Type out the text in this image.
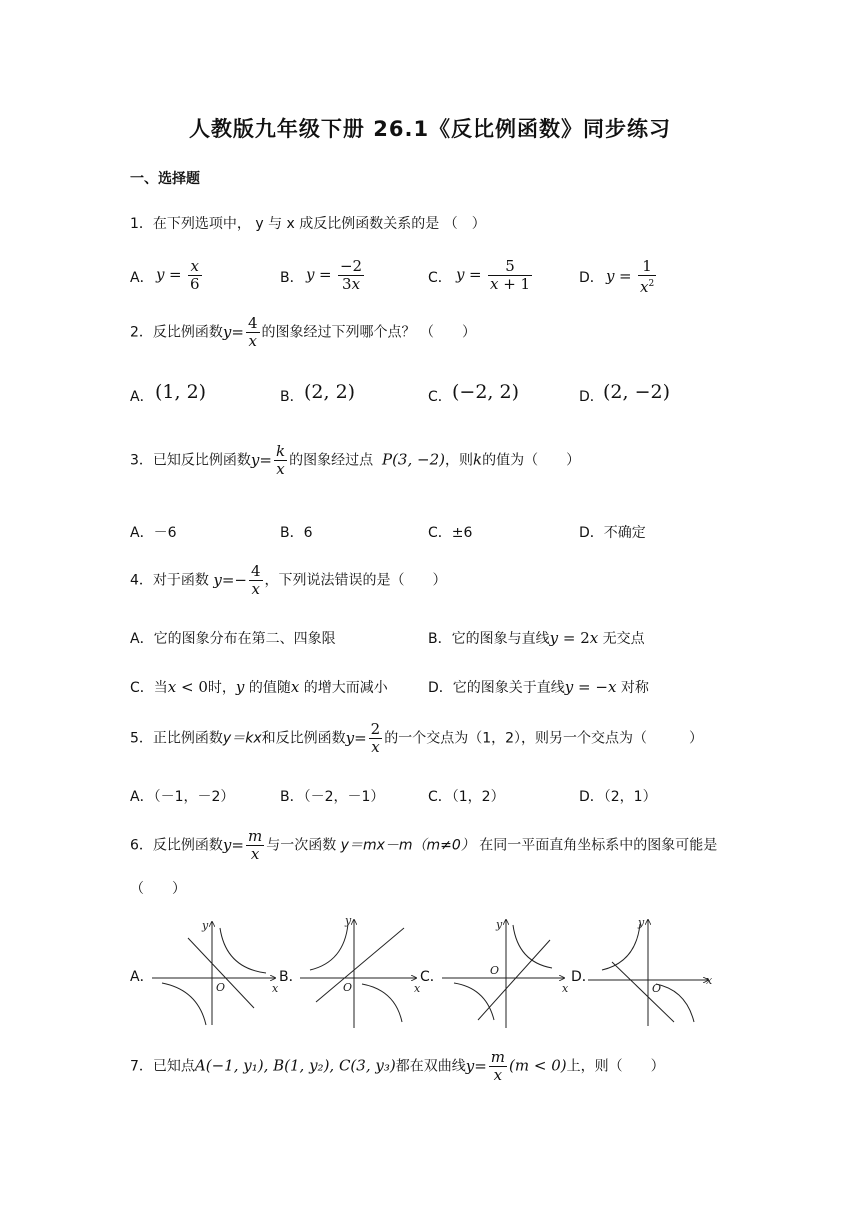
人教版九年级下册 26.1《反比例函数》同步练习
一、选择题
1．在下列选项中， y 与 x 成反比例函数关系的是 （　）
A． $y = \frac{x}{6}$	B． $y = \frac{-2}{3x}$	C． $y = \frac{5}{x + 1}$	D． $y = \frac{1}{x^2}$
2．反比例函数$y= \frac{4}{x}$ 的图象经过下列哪个点？ （　　）
A． (1, 2)	B． (2, 2)	C． (−2, 2)	D． (2, −2)
3．已知反比例函数$y= \frac{k}{x}$ 的图象经过点 P(3, −2)，则k的值为（　　）
A．－6	B．6	C．±6	D．不确定
4．对于函数 $y=- \frac{4}{x}$ ，下列说法错误的是（　　）
A．它的图象分布在第二、四象限	B．它的图象与直线y = 2x 无交点
C．当x < 0时，y 的值随x 的增大而减小	D．它的图象关于直线y = −x 对称
5．正比例函数y＝kx和反比例函数$y= \frac{2}{x}$ 的一个交点为（1，2），则另一个交点为（　　　）
A．（－1，－2）	B．（－2，－1）	C．（1，2）	D．（2，1）
6．反比例函数$y= \frac{m}{x}$ 与一次函数 y＝mx－m（m≠0） 在同一平面直角坐标系中的图象可能是
（　　）
A．	B．	C．	D．
y
x
O
y
x
O
y
x
O
y
x
O
7．已知点A(−1, y₁), B(1, y₂), C(3, y₃)都在双曲线$y= \frac{m}{x} (m < 0)$上，则（　　）
